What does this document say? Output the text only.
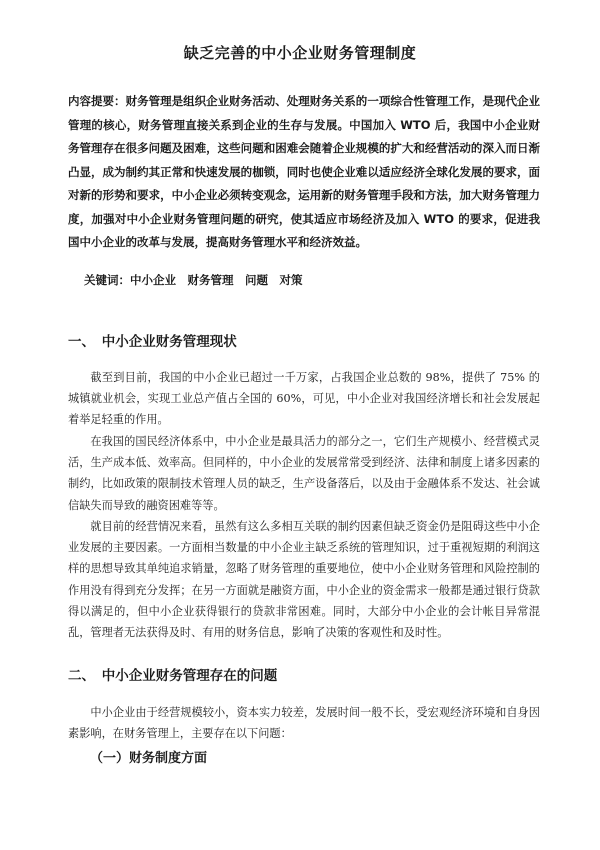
缺乏完善的中小企业财务管理制度

内容提要：财务管理是组织企业财务活动、处理财务关系的一项综合性管理工作，是现代企业管理的核心，财务管理直接关系到企业的生存与发展。中国加入 WTO 后，我国中小企业财务管理存在很多问题及困难，这些问题和困难会随着企业规模的扩大和经营活动的深入而日渐凸显，成为制约其正常和快速发展的枷锁，同时也使企业难以适应经济全球化发展的要求，面对新的形势和要求，中小企业必须转变观念，运用新的财务管理手段和方法，加大财务管理力度，加强对中小企业财务管理问题的研究，使其适应市场经济及加入 WTO 的要求，促进我国中小企业的改革与发展，提高财务管理水平和经济效益。

关键词：中小企业　财务管理　问题　对策
一、　中小企业财务管理现状

截至到目前，我国的中小企业已超过一千万家，占我国企业总数的 98%，提供了 75% 的城镇就业机会，实现工业总产值占全国的 60%，可见，中小企业对我国经济增长和社会发展起着举足轻重的作用。

在我国的国民经济体系中，中小企业是最具活力的部分之一，它们生产规模小、经营模式灵活，生产成本低、效率高。但同样的，中小企业的发展常常受到经济、法律和制度上诸多因素的制约，比如政策的限制技术管理人员的缺乏，生产设备落后，以及由于金融体系不发达、社会诚信缺失而导致的融资困难等等。

就目前的经营情况来看，虽然有这么多相互关联的制约因素但缺乏资金仍是阻碍这些中小企业发展的主要因素。一方面相当数量的中小企业主缺乏系统的管理知识，过于重视短期的利润这样的思想导致其单纯追求销量，忽略了财务管理的重要地位，使中小企业财务管理和风险控制的作用没有得到充分发挥；在另一方面就是融资方面，中小企业的资金需求一般都是通过银行贷款得以满足的，但中小企业获得银行的贷款非常困难。同时，大部分中小企业的会计帐目异常混乱，管理者无法获得及时、有用的财务信息，影响了决策的客观性和及时性。

二、　中小企业财务管理存在的问题

中小企业由于经营规模较小，资本实力较差，发展时间一般不长，受宏观经济环境和自身因素影响，在财务管理上，主要存在以下问题：

（一）财务制度方面
